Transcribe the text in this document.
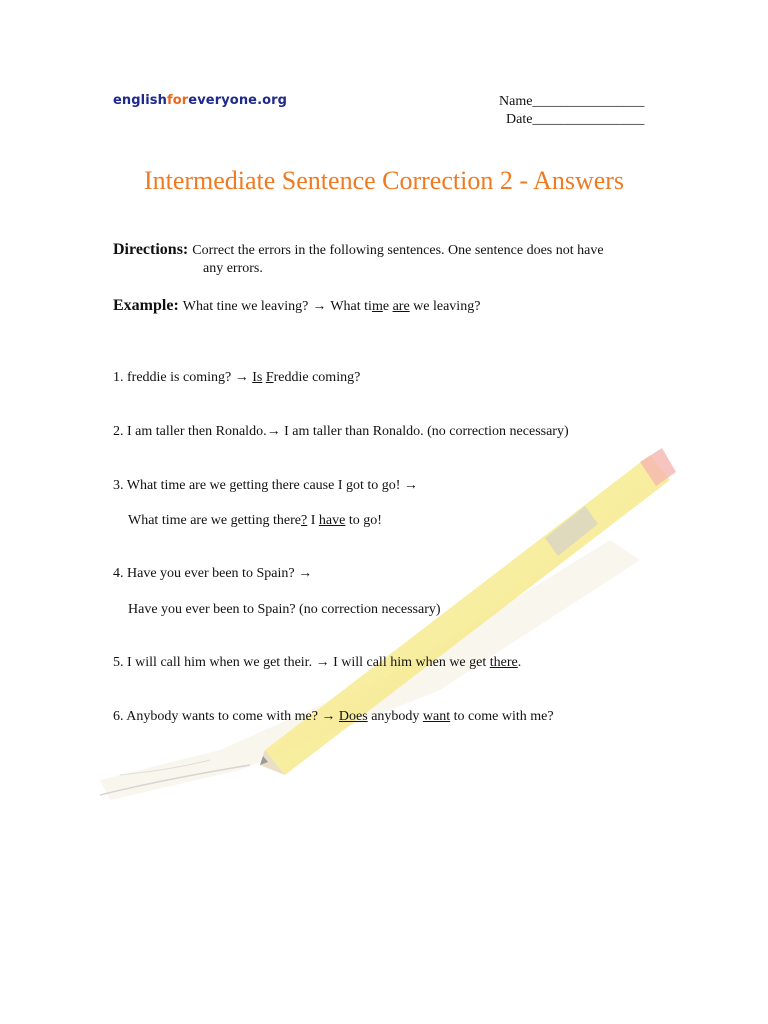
englishforeveryone.org	Name________________
Date________________
Intermediate Sentence Correction 2 - Answers
Directions: Correct the errors in the following sentences. One sentence does not have
any errors.
Example: What tine we leaving? → What time are we leaving?
1. freddie is coming? → Is Freddie coming?
2. I am taller then Ronaldo.→ I am taller than Ronaldo. (no correction necessary)
3. What time are we getting there cause I got to go! →
What time are we getting there? I have to go!
4. Have you ever been to Spain? →
Have you ever been to Spain? (no correction necessary)
5. I will call him when we get their. → I will call him when we get there.
6. Anybody wants to come with me? → Does anybody want to come with me?
